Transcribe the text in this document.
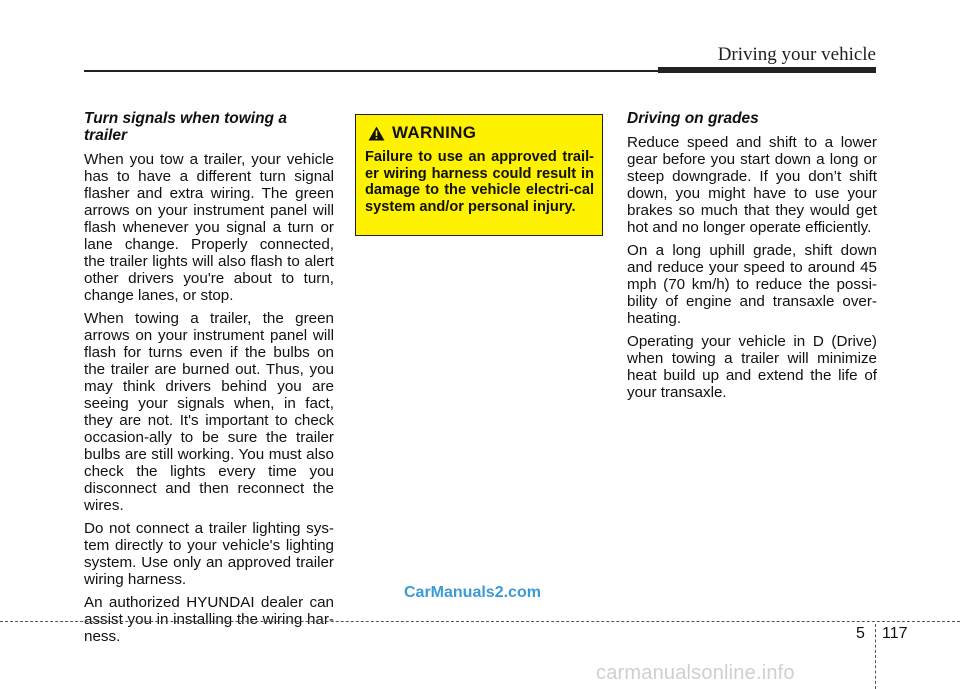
Driving your vehicle
Turn signals when towing a trailer

When you tow a trailer, your vehicle has to have a different turn signal flasher and extra wiring. The green arrows on your instrument panel will flash whenever you signal a turn or lane change. Properly connected, the trailer lights will also flash to alert other drivers you're about to turn, change lanes, or stop.

When towing a trailer, the green arrows on your instrument panel will flash for turns even if the bulbs on the trailer are burned out. Thus, you may think drivers behind you are seeing your signals when, in fact, they are not. It's important to check occasion-ally to be sure the trailer bulbs are still working. You must also check the lights every time you disconnect and then reconnect the wires.

Do not connect a trailer lighting sys-tem directly to your vehicle's lighting system. Use only an approved trailer wiring harness.

An authorized HYUNDAI dealer can assist you in installing the wiring har-ness.

WARNING

Failure to use an approved trail-er wiring harness could result in damage to the vehicle electri-cal system and/or personal injury.

Driving on grades

Reduce speed and shift to a lower gear before you start down a long or steep downgrade. If you don’t shift down, you might have to use your brakes so much that they would get hot and no longer operate efficiently.

On a long uphill grade, shift down and reduce your speed to around 45 mph (70 km/h) to reduce the possi-bility of engine and transaxle over-heating.

Operating your vehicle in D (Drive) when towing a trailer will minimize heat build up and extend the life of your transaxle.

CarManuals2.com
5 117
carmanualsonline.info
